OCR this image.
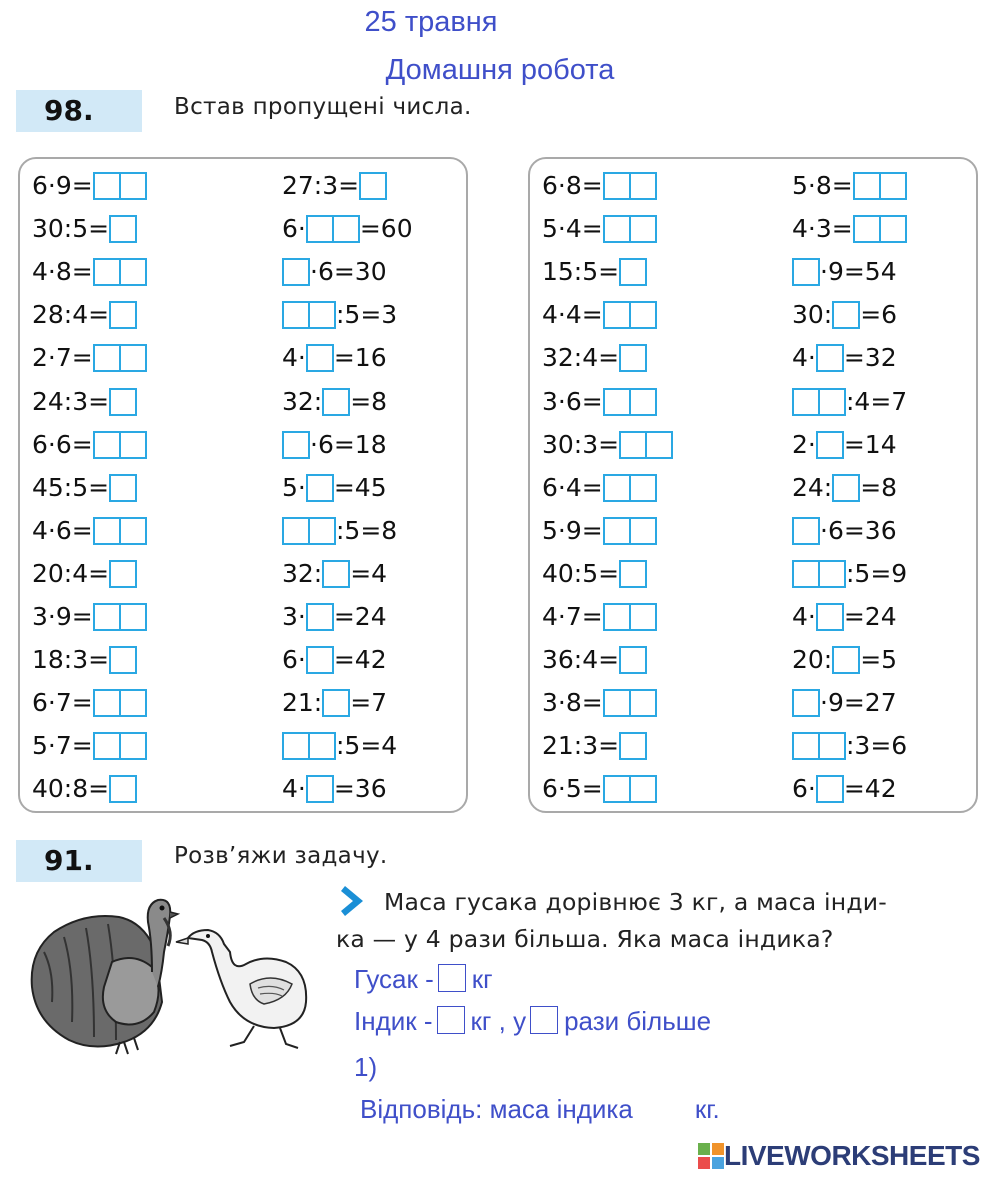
25 травня
Домашня робота
98.	Встав пропущені числа.
6·9=
30:5=
4·8=
28:4=
2·7=
24:3=
6·6=
45:5=
4·6=
20:4=
3·9=
18:3=
6·7=
5·7=
40:8=
27:3=
6· =60
·6=30
:5=3
4· =16
32: =8
·6=18
5· =45
:5=8
32: =4
3· =24
6· =42
21: =7
:5=4
4· =36
6·8=
5·4=
15:5=
4·4=
32:4=
3·6=
30:3=
6·4=
5·9=
40:5=
4·7=
36:4=
3·8=
21:3=
6·5=
5·8=
4·3=
·9=54
30: =6
4· =32
:4=7
2· =14
24: =8
·6=36
:5=9
4· =24
20: =5
·9=27
:3=6
6· =42
91.	Розв’яжи задачу.
Маса гусака дорівнює 3 кг, а маса інди-
ка — у 4 рази більша. Яка маса індика?
Гусак - кг
Індик - кг , у рази більше
1)
Відповідь: маса індика кг.
LIVEWORKSHEETS
